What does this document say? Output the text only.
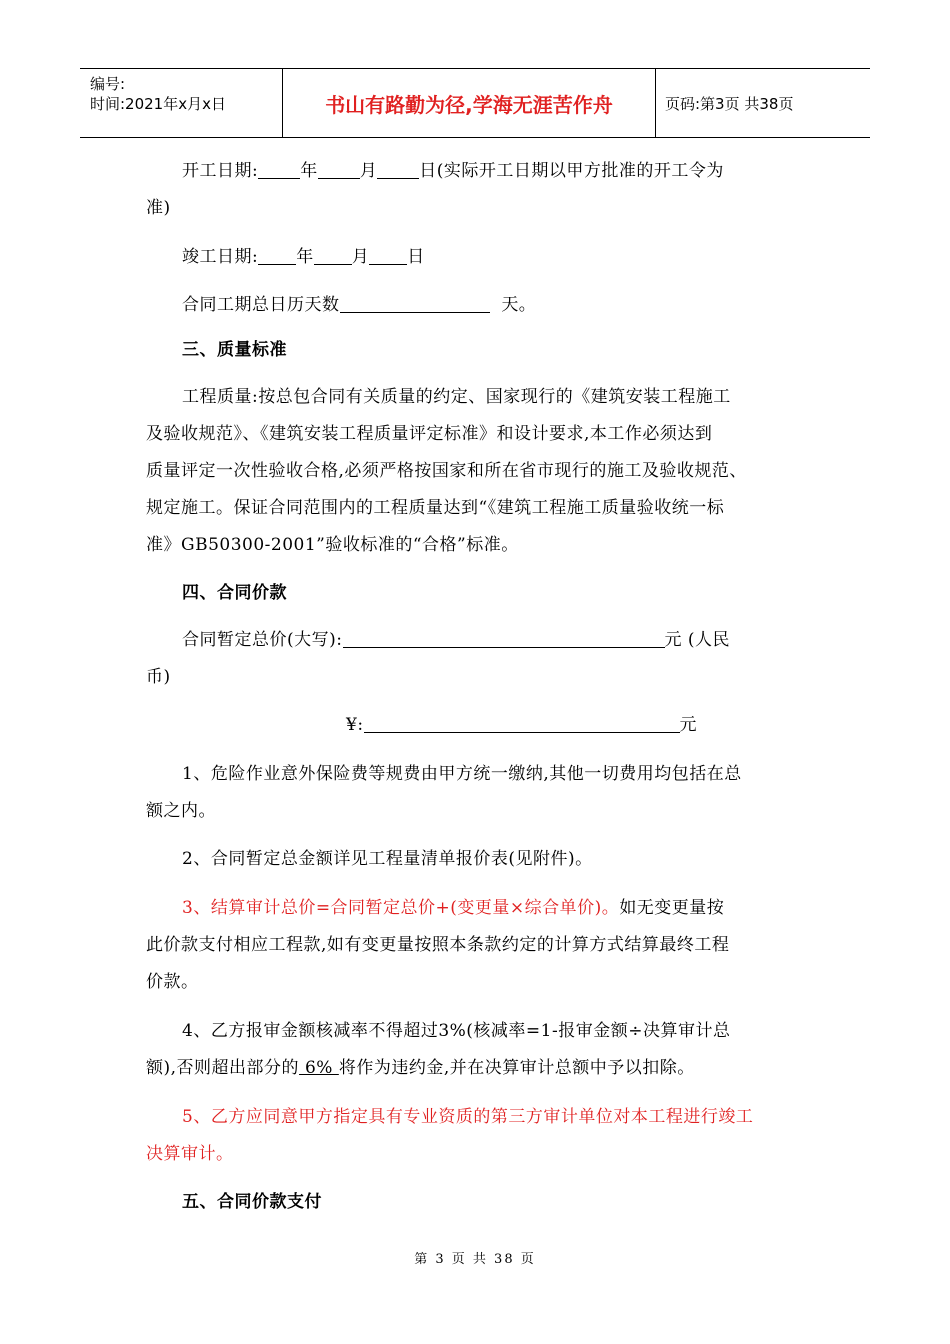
编号:
时间:2021年x月x日	书山有路勤为径,学海无涯苦作舟	页码:第3页 共38页
开工日期: 年 月 日(实际开工日期以甲方批准的开工令为
准)
竣工日期: 年 月 日
合同工期总日历天数	天。
三、质量标准
工程质量:按总包合同有关质量的约定、国家现行的《建筑安装工程施工
及验收规范》、《建筑安装工程质量评定标准》和设计要求,本工作必须达到
质量评定一次性验收合格,必须严格按国家和所在省市现行的施工及验收规范、
规定施工。保证合同范围内的工程质量达到“《建筑工程施工质量验收统一标
准》GB50300-2001”验收标准的“合格”标准。
四、合同价款
合同暂定总价(大写):	元 (人民
币)
¥:	元
1、危险作业意外保险费等规费由甲方统一缴纳,其他一切费用均包括在总
额之内。
2、合同暂定总金额详见工程量清单报价表(见附件)。
3、结算审计总价=合同暂定总价+(变更量×综合单价)。如无变更量按
此价款支付相应工程款,如有变更量按照本条款约定的计算方式结算最终工程
价款。
4、乙方报审金额核减率不得超过3%(核减率=1-报审金额÷决算审计总
额),否则超出部分的 6% 将作为违约金,并在决算审计总额中予以扣除。
5、乙方应同意甲方指定具有专业资质的第三方审计单位对本工程进行竣工
决算审计。
五、合同价款支付
第 3 页 共 38 页
